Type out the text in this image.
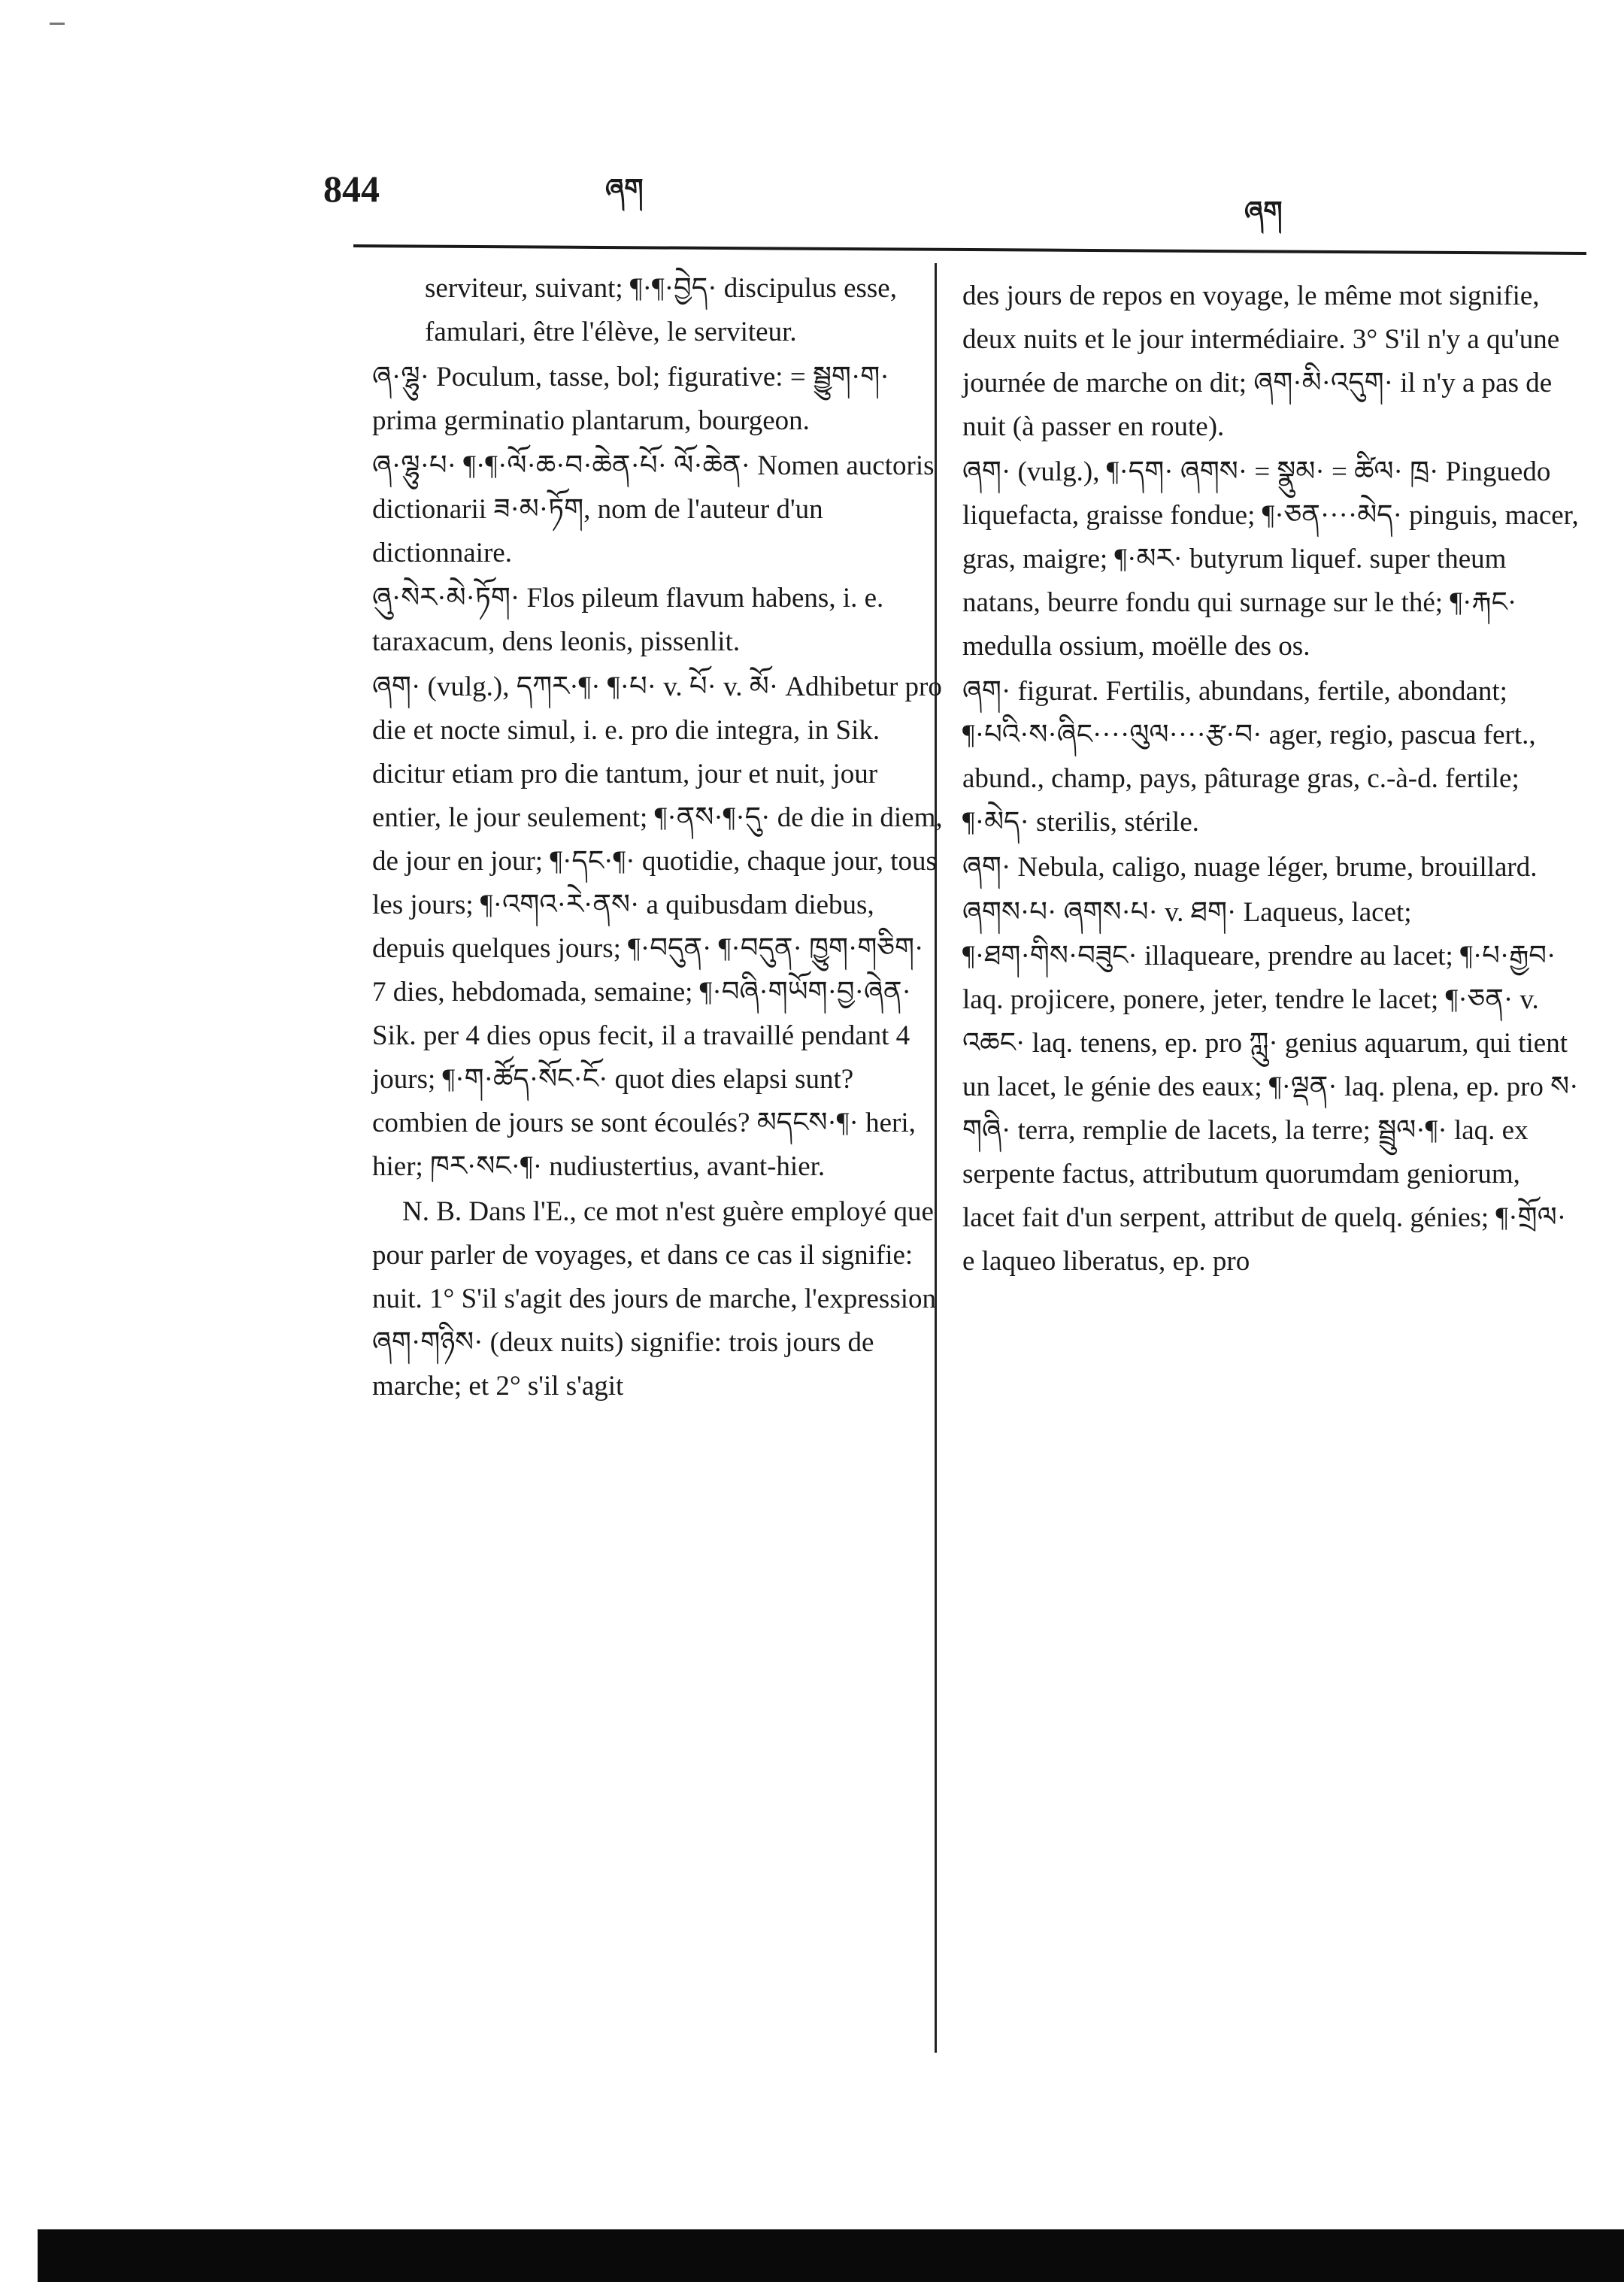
844	ཞག
ཞག

serviteur, suivant; ¶·¶·བྱེད· discipulus esse, famulari, être l'élève, le serviteur.

ཞ·ལྷུ· Poculum, tasse, bol; figurative: = སྦྱུག·ག· prima germinatio plantarum, bourgeon.

ཞ·ལྷུ·པ· ¶·¶·ལོ·ཆ·བ·ཆེན·པོ· ལོ·ཆེན· Nomen auctoris dictionarii ཟ·མ·ཏོག, nom de l'auteur d'un dictionnaire.

ཞུ·སེར·མེ·ཏོག· Flos pileum flavum habens, i. e. taraxacum, dens leonis, pissenlit.

ཞག· (vulg.), དཀར·¶· ¶·པ· v. པོ· v. མོ· Adhibetur pro die et nocte simul, i. e. pro die integra, in Sik. dicitur etiam pro die tantum, jour et nuit, jour entier, le jour seulement; ¶·ནས·¶·དུ· de die in diem, de jour en jour; ¶·དང·¶· quotidie, chaque jour, tous les jours; ¶·འགའ·རེ·ནས· a quibusdam diebus, depuis quelques jours; ¶·བདུན· ¶·བདུན· ཁྱུག·གཅིག· 7 dies, hebdomada, semaine; ¶·བཞི·གཡོག·བྱ·ཞེན· Sik. per 4 dies opus fecit, il a travaillé pendant 4 jours; ¶·ག·ཚོད·སོང·ངོ· quot dies elapsi sunt? combien de jours se sont écoulés? མདངས·¶· heri, hier; ཁར·སང·¶· nudiustertius, avant-hier.

N. B. Dans l'E., ce mot n'est guère employé que pour parler de voyages, et dans ce cas il signifie: nuit. 1° S'il s'agit des jours de marche, l'expression ཞག·གཉིས· (deux nuits) signifie: trois jours de marche; et 2° s'il s'agit

des jours de repos en voyage, le même mot signifie, deux nuits et le jour intermédiaire. 3° S'il n'y a qu'une journée de marche on dit; ཞག·མི·འདུག· il n'y a pas de nuit (à passer en route).

ཞག· (vulg.), ¶·དག· ཞགས· = སྣུམ· = ཚིལ· ཁྲ· Pinguedo liquefacta, graisse fondue; ¶·ཅན····མེད· pinguis, macer, gras, maigre; ¶·མར· butyrum liquef. super theum natans, beurre fondu qui surnage sur le thé; ¶·རྐང· medulla ossium, moëlle des os.

ཞག· figurat. Fertilis, abundans, fertile, abondant; ¶·པའི·ས·ཞིང····ལུལ····རྩ·བ· ager, regio, pascua fert., abund., champ, pays, pâturage gras, c.-à-d. fertile; ¶·མེད· sterilis, stérile.

ཞག· Nebula, caligo, nuage léger, brume, brouillard.

ཞགས·པ· ཞགས·པ· v. ཐག· Laqueus, lacet; ¶·ཐག·གིས·བཟུང· illaqueare, prendre au lacet; ¶·པ·རྒྱབ· laq. projicere, ponere, jeter, tendre le lacet; ¶·ཅན· v. འཆང· laq. tenens, ep. pro ཀླུ· genius aquarum, qui tient un lacet, le génie des eaux; ¶·ལྡན· laq. plena, ep. pro ས· གཞི· terra, remplie de lacets, la terre; སྦྲུལ·¶· laq. ex serpente factus, attributum quorumdam geniorum, lacet fait d'un serpent, attribut de quelq. génies; ¶·གྲོལ· e laqueo liberatus, ep. pro
